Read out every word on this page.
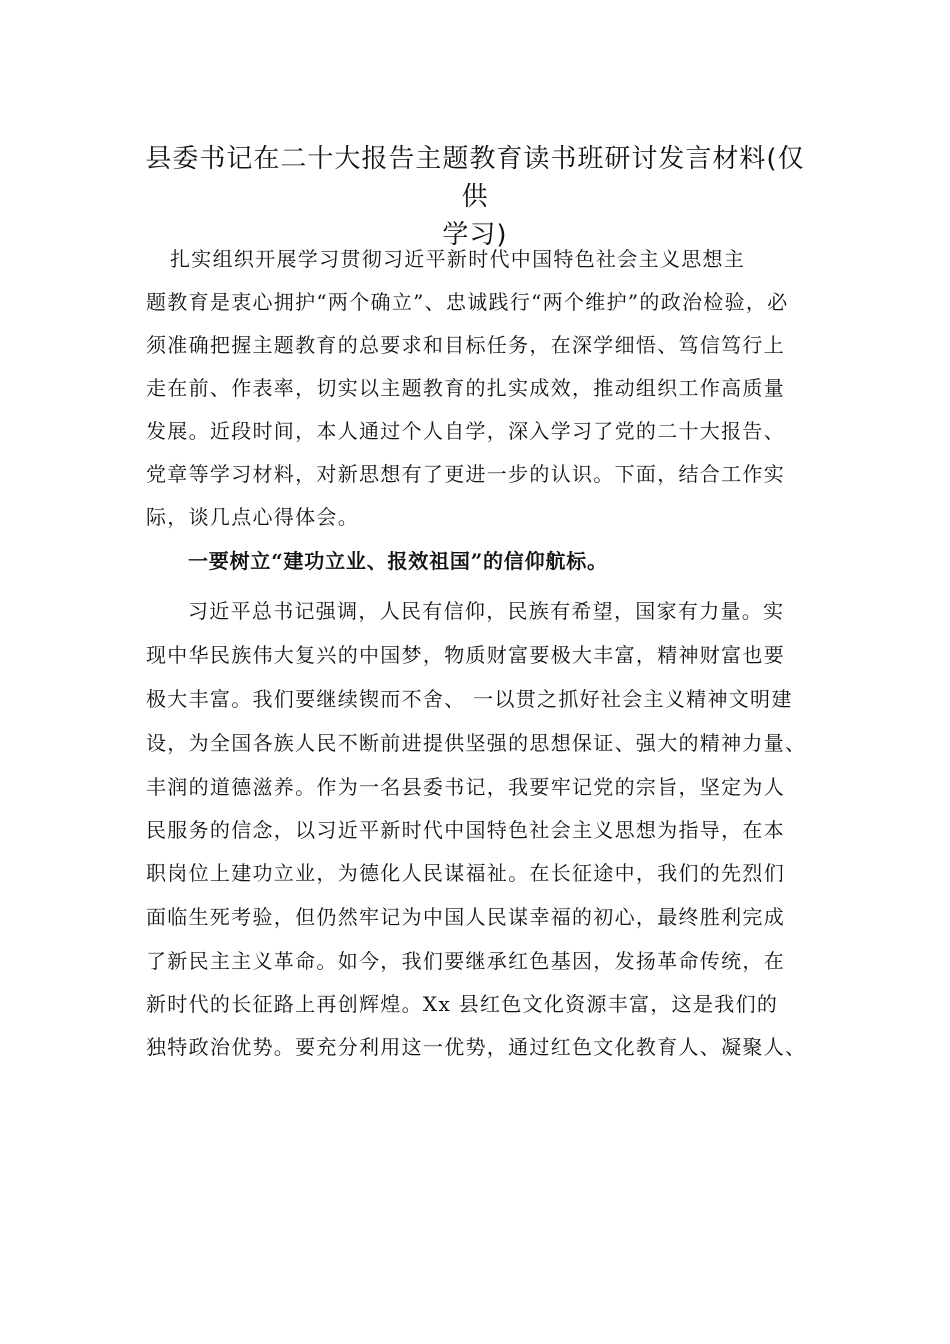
县委书记在二十大报告主题教育读书班研讨发言材料(仅供
学习)

扎实组织开展学习贯彻习近平新时代中国特色社会主义思想主

题教育是衷心拥护“两个确立”、忠诚践行“两个维护”的政治检验，必

须准确把握主题教育的总要求和目标任务，在深学细悟、笃信笃行上

走在前、作表率，切实以主题教育的扎实成效，推动组织工作高质量

发展。近段时间，本人通过个人自学，深入学习了党的二十大报告、

党章等学习材料，对新思想有了更进一步的认识。下面，结合工作实

际，谈几点心得体会。

一要树立“建功立业、报效祖国”的信仰航标。

习近平总书记强调，人民有信仰，民族有希望，国家有力量。实

现中华民族伟大复兴的中国梦，物质财富要极大丰富，精神财富也要

极大丰富。我们要继续锲而不舍、 一以贯之抓好社会主义精神文明建

设，为全国各族人民不断前进提供坚强的思想保证、强大的精神力量、

丰润的道德滋养。作为一名县委书记，我要牢记党的宗旨，坚定为人

民服务的信念，以习近平新时代中国特色社会主义思想为指导，在本

职岗位上建功立业，为德化人民谋福祉。在长征途中，我们的先烈们

面临生死考验，但仍然牢记为中国人民谋幸福的初心，最终胜利完成

了新民主主义革命。如今，我们要继承红色基因，发扬革命传统，在

新时代的长征路上再创辉煌。Xx 县红色文化资源丰富，这是我们的

独特政治优势。要充分利用这一优势，通过红色文化教育人、凝聚人、
